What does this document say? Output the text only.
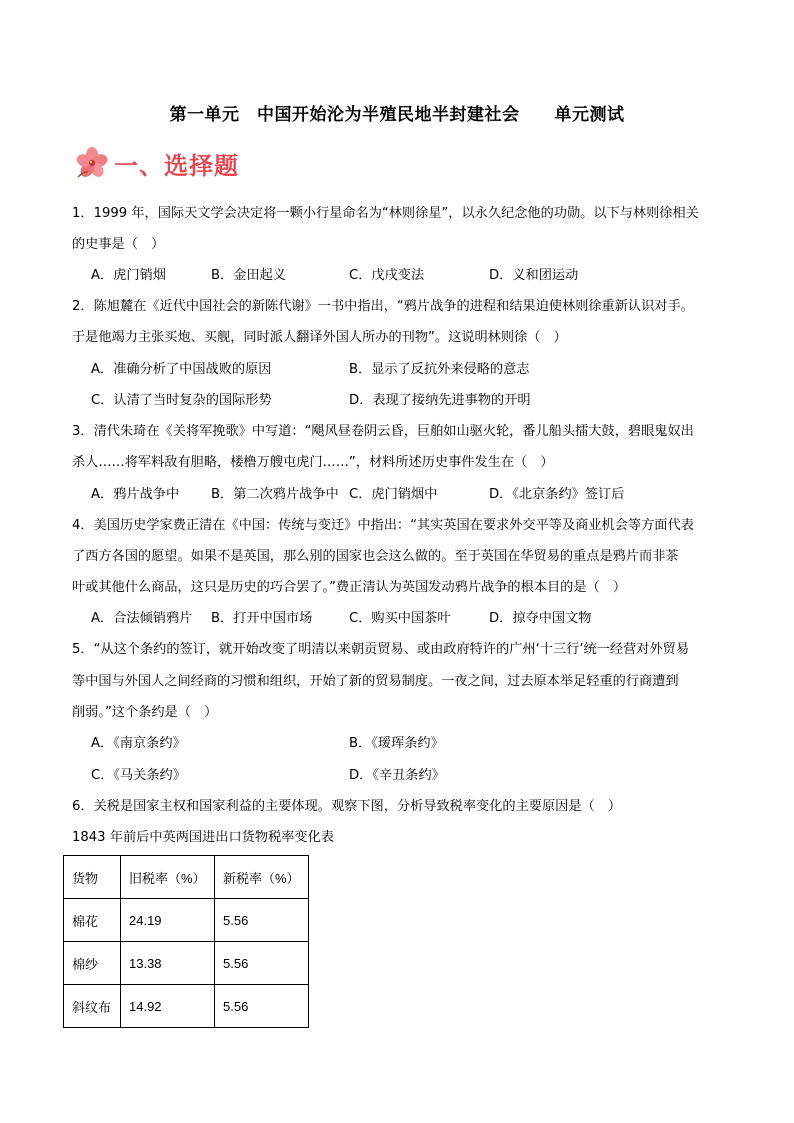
第一单元　中国开始沦为半殖民地半封建社会　　单元测试
一、选择题
1．1999 年，国际天文学会决定将一颗小行星命名为“林则徐星”，以永久纪念他的功勋。以下与林则徐相关
的史事是（　）
A．虎门销烟	B．金田起义	C．戊戌变法	D．义和团运动
2．陈旭麓在《近代中国社会的新陈代谢》一书中指出，“鸦片战争的进程和结果迫使林则徐重新认识对手。
于是他竭力主张买炮、买舰，同时派人翻译外国人所办的刊物”。这说明林则徐（　）
A．准确分析了中国战败的原因	B．显示了反抗外来侵略的意志
C．认清了当时复杂的国际形势	D．表现了接纳先进事物的开明
3．清代朱琦在《关将军挽歌》中写道：“飓风昼卷阴云昏，巨舶如山驱火轮，番儿船头擂大鼓，碧眼鬼奴出
杀人……将军料敌有胆略，楼橹万艘屯虎门……”，材料所述历史事件发生在（　）
A．鸦片战争中 B．第二次鸦片战争中 C．虎门销烟中	D．《北京条约》签订后
4．美国历史学家费正清在《中国：传统与变迁》中指出：“其实英国在要求外交平等及商业机会等方面代表
了西方各国的愿望。如果不是英国，那么别的国家也会这么做的。至于英国在华贸易的重点是鸦片而非茶
叶或其他什么商品，这只是历史的巧合罢了。”费正清认为英国发动鸦片战争的根本目的是（　）
A．合法倾销鸦片 B．打开中国市场	C．购买中国茶叶	D．掠夺中国文物
5．“从这个条约的签订，就开始改变了明清以来朝贡贸易、或由政府特许的广州‘十三行’统一经营对外贸易
等中国与外国人之间经商的习惯和组织，开始了新的贸易制度。一夜之间，过去原本举足轻重的行商遭到
削弱。”这个条约是（　）
A．《南京条约》	B．《瑷珲条约》
C．《马关条约》	D．《辛丑条约》
6．关税是国家主权和国家利益的主要体现。观察下图，分析导致税率变化的主要原因是（　）
1843 年前后中英两国进出口货物税率变化表
货物	旧税率（%）	新税率（%）
棉花	24.19	5.56
棉纱	13.38	5.56
斜纹布	14.92	5.56
